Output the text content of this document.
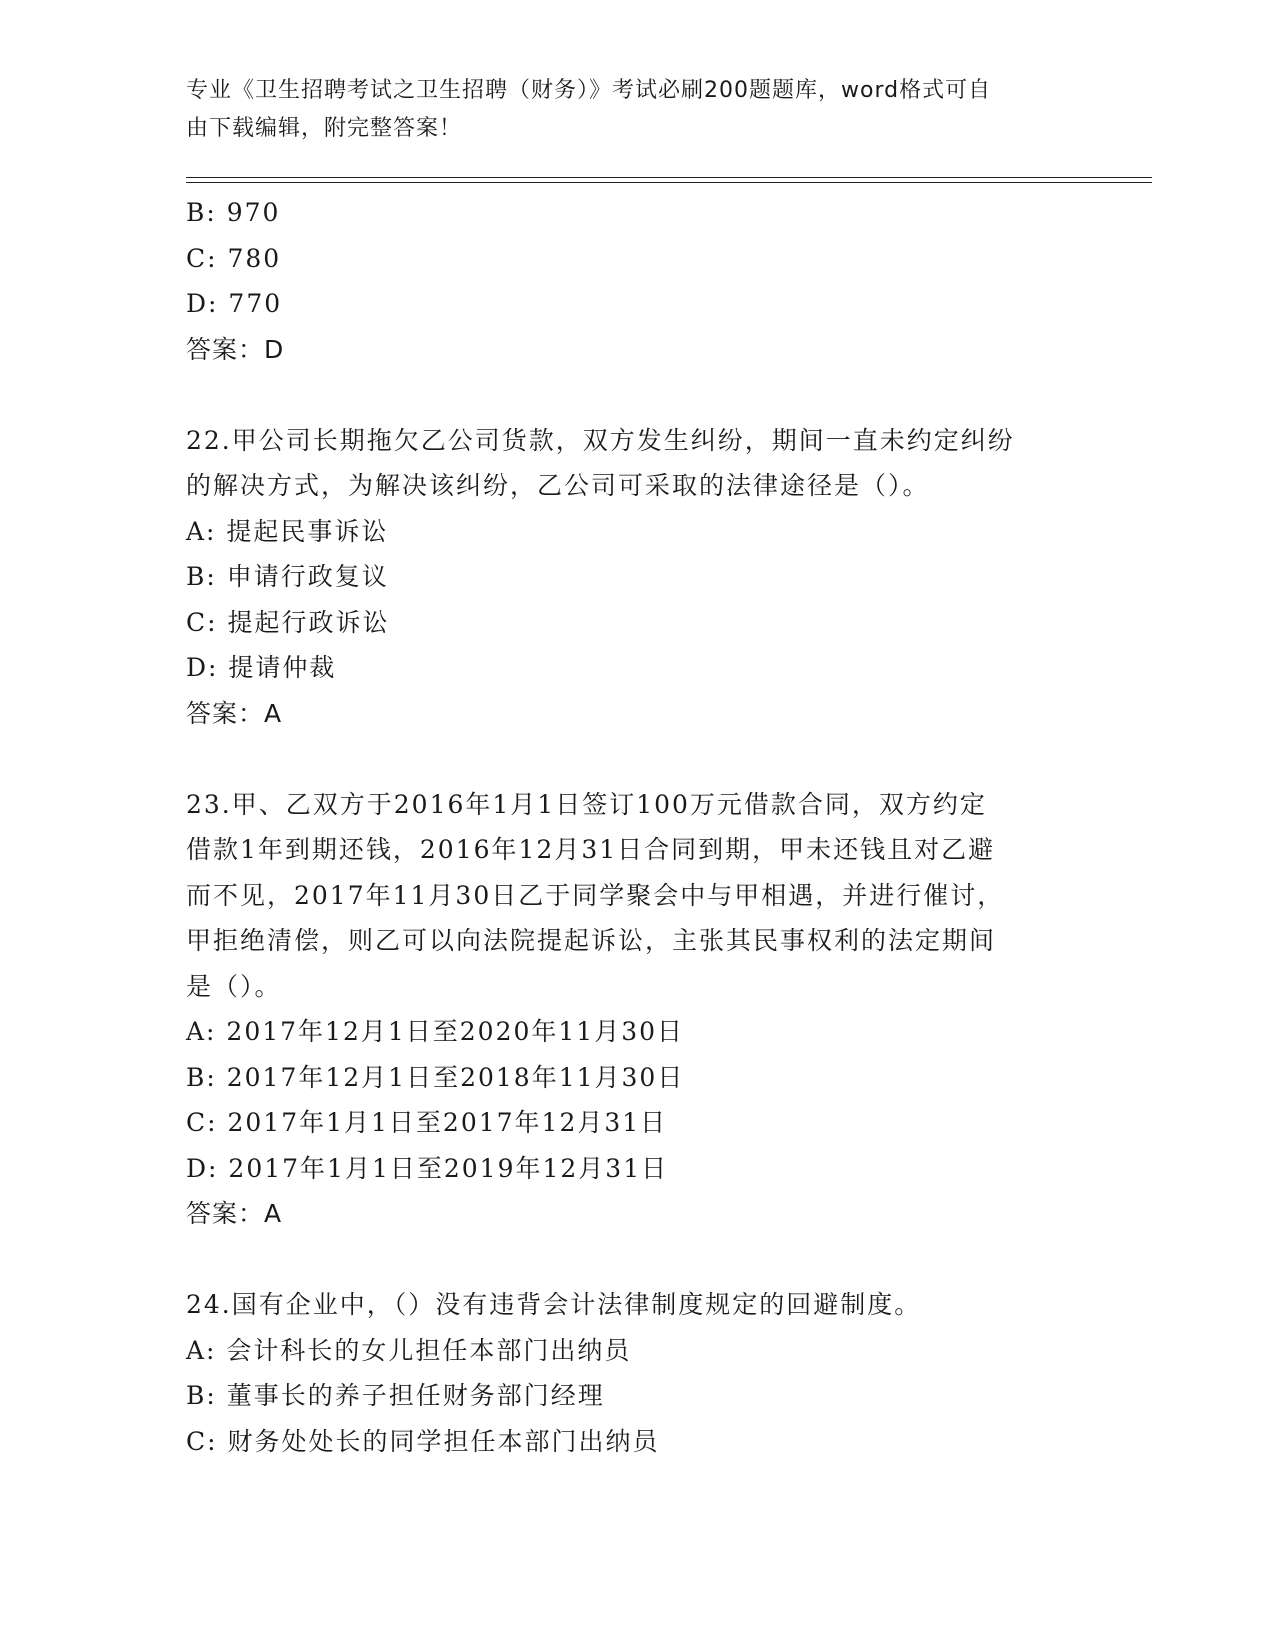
专业《卫生招聘考试之卫生招聘（财务）》考试必刷200题题库，word格式可自
由下载编辑，附完整答案！
B: 970
C: 780
D: 770
答案：D
22.甲公司长期拖欠乙公司货款，双方发生纠纷，期间一直未约定纠纷
的解决方式，为解决该纠纷，乙公司可采取的法律途径是（）。
A: 提起民事诉讼
B: 申请行政复议
C: 提起行政诉讼
D: 提请仲裁
答案：A
23.甲、乙双方于2016年1月1日签订100万元借款合同，双方约定
借款1年到期还钱，2016年12月31日合同到期，甲未还钱且对乙避
而不见，2017年11月30日乙于同学聚会中与甲相遇，并进行催讨，
甲拒绝清偿，则乙可以向法院提起诉讼，主张其民事权利的法定期间
是（）。
A: 2017年12月1日至2020年11月30日
B: 2017年12月1日至2018年11月30日
C: 2017年1月1日至2017年12月31日
D: 2017年1月1日至2019年12月31日
答案：A
24.国有企业中，（）没有违背会计法律制度规定的回避制度。
A: 会计科长的女儿担任本部门出纳员
B: 董事长的养子担任财务部门经理
C: 财务处处长的同学担任本部门出纳员
